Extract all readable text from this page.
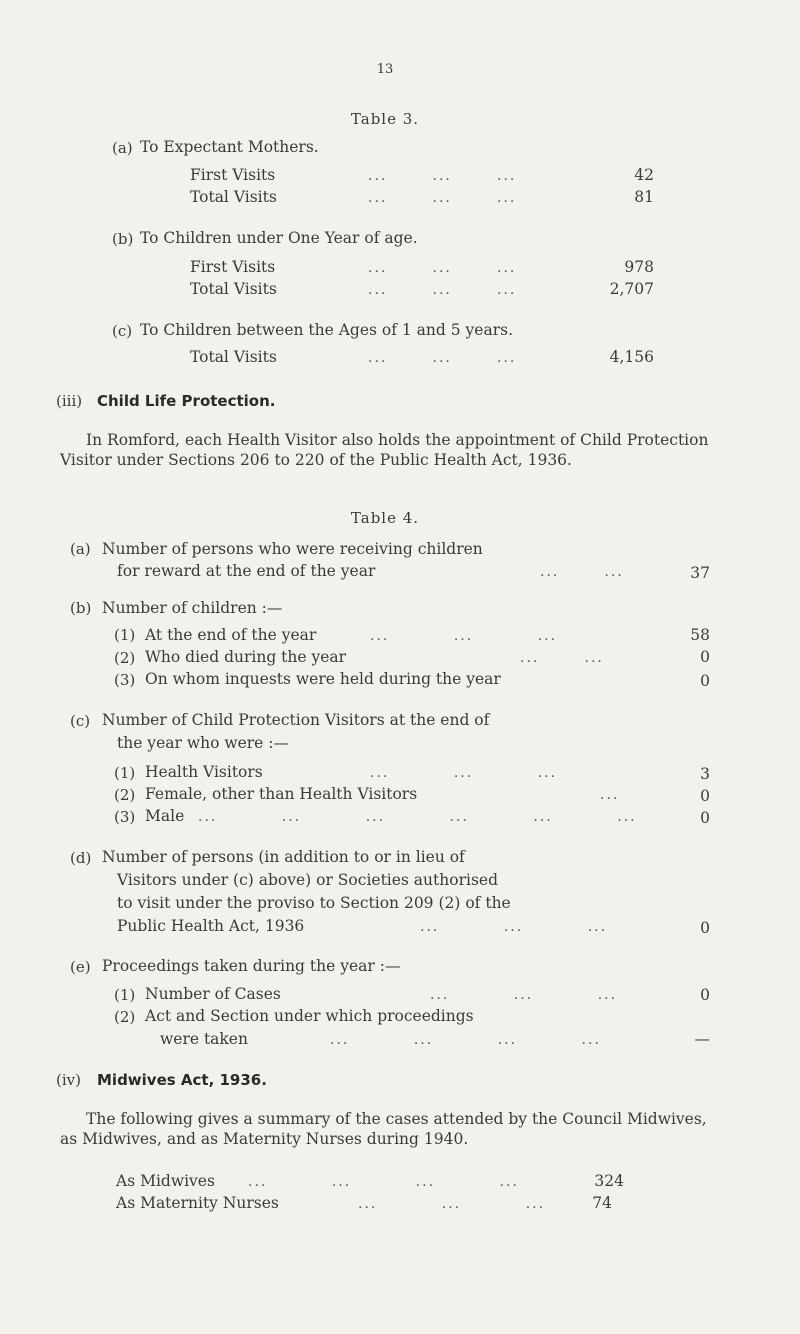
13
Table 3.
(a) To Expectant Mothers.
First Visits	...       ...       ...	42
Total Visits	...       ...       ...	81
(b) To Children under One Year of age.
First Visits	...       ...       ...	978
Total Visits	...       ...       ...	2,707
(c) To Children between the Ages of 1 and 5 years.
Total Visits	...       ...       ...	4,156
(iii) Child Life Protection.
In Romford, each Health Visitor also holds the appointment of Child Protection Visitor under Sections 206 to 220 of the Public Health Act, 1936.
Table 4.
(a) Number of persons who were receiving children
for reward at the end of the year	...       ...	37
(b) Number of children :—
(1) At the end of the year	...          ...          ...	58
(2) Who died during the year	...       ...	0
(3) On whom inquests were held during the year	0
(c) Number of Child Protection Visitors at the end of
the year who were :—
(1) Health Visitors	...          ...          ...	3
(2) Female, other than Health Visitors	...	0
(3) Male ...          ...          ...          ...          ...          ...	0
(d) Number of persons (in addition to or in lieu of
Visitors under (c) above) or Societies authorised
to visit under the proviso to Section 209 (2) of the
Public Health Act, 1936	...          ...          ...	0
(e) Proceedings taken during the year :—
(1) Number of Cases	...          ...          ...	0
(2) Act and Section under which proceedings
were taken	...          ...          ...          ...	—
(iv) Midwives Act, 1936.
The following gives a summary of the cases attended by the Council Midwives, as Midwives, and as Maternity Nurses during 1940.
As Midwives ...          ...          ...          ...	324
As Maternity Nurses	...          ...          ...	74
